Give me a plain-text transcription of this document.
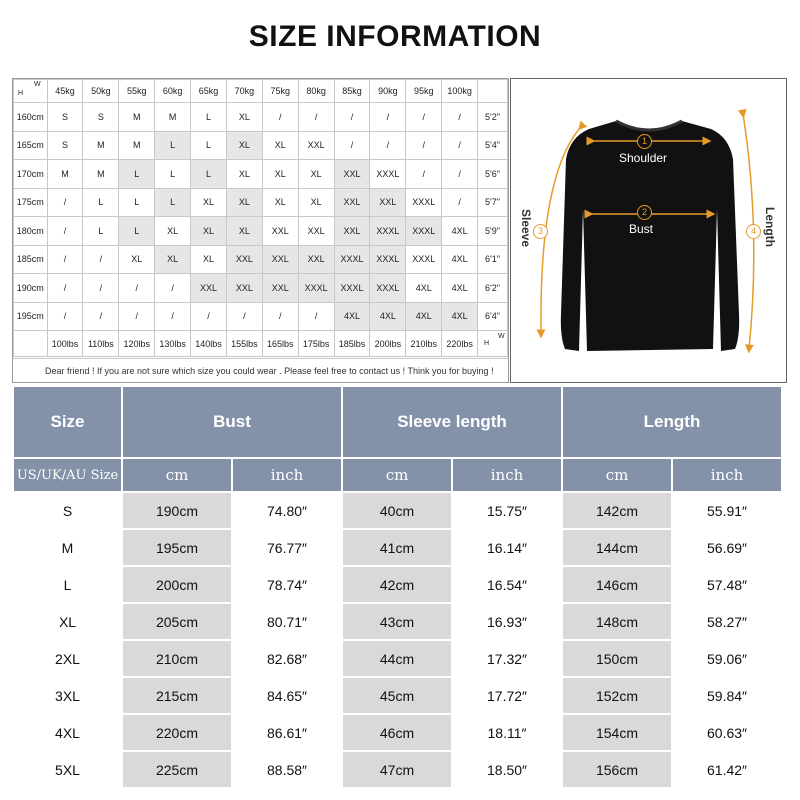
SIZE INFORMATION
H
W	45kg	50kg	55kg	60kg	65kg	70kg	75kg	80kg	85kg	90kg	95kg	100kg	
160cm	S	S	M	M	L	XL	/	/	/	/	/	/	5'2"
165cm	S	M	M	L	L	XL	XL	XXL	/	/	/	/	5'4"
170cm	M	M	L	L	L	XL	XL	XL	XXL	XXXL	/	/	5'6"
175cm	/	L	L	L	XL	XL	XL	XL	XXL	XXL	XXXL	/	5'7"
180cm	/	L	L	XL	XL	XL	XXL	XXL	XXL	XXXL	XXXL	4XL	5'9"
185cm	/	/	XL	XL	XL	XXL	XXL	XXL	XXXL	XXXL	XXXL	4XL	6'1"
190cm	/	/	/	/	XXL	XXL	XXL	XXXL	XXXL	XXXL	4XL	4XL	6'2"
195cm	/	/	/	/	/	/	/	/	4XL	4XL	4XL	4XL	6'4"
	100lbs	110lbs	120lbs	130lbs	140lbs	155lbs	165lbs	175lbs	185lbs	200lbs	210lbs	220lbs	H
W
Dear friend ! If you are not sure which size you could wear . Please feel free to contact us ! Think you for buying !
1
Shoulder
2
Bust
3
Sleeve	4 Length
Size	Bust		Sleeve length		Length	
US/UK/AU Size	cm	inch	cm	inch	cm	inch
S	190cm	74.80″	40cm	15.75″	142cm	55.91″
M	195cm	76.77″	41cm	16.14″	144cm	56.69″
L	200cm	78.74″	42cm	16.54″	146cm	57.48″
XL	205cm	80.71″	43cm	16.93″	148cm	58.27″
2XL	210cm	82.68″	44cm	17.32″	150cm	59.06″
3XL	215cm	84.65″	45cm	17.72″	152cm	59.84″
4XL	220cm	86.61″	46cm	18.11″	154cm	60.63″
5XL	225cm	88.58″	47cm	18.50″	156cm	61.42″
